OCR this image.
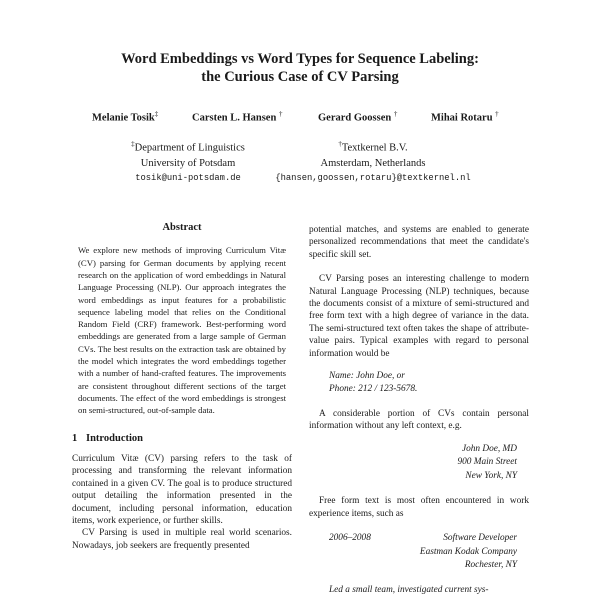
Word Embeddings vs Word Types for Sequence Labeling:
the Curious Case of CV Parsing
Melanie Tosik‡	Carsten L. Hansen †	Gerard Goossen †	Mihai Rotaru †
‡Department of Linguistics
University of Potsdam
tosik@uni-potsdam.de
†Textkernel B.V.
Amsterdam, Netherlands
{hansen,goossen,rotaru}@textkernel.nl
Abstract

We explore new methods of improving Curriculum Vitæ (CV) parsing for German documents by applying recent research on the application of word embeddings in Natural Language Processing (NLP). Our approach integrates the word embeddings as input features for a probabilistic sequence labeling model that relies on the Conditional Random Field (CRF) framework. Best-performing word embeddings are generated from a large sample of German CVs. The best results on the extraction task are obtained by the model which integrates the word embeddings together with a number of hand-crafted features. The improvements are consistent throughout different sections of the target documents. The effect of the word embeddings is strongest on semi-structured, out-of-sample data.

1 Introduction

Curriculum Vitæ (CV) parsing refers to the task of processing and transforming the relevant information contained in a given CV. The goal is to produce structured output detailing the information presented in the document, including personal information, education items, work experience, or further skills.

CV Parsing is used in multiple real world scenarios. Nowadays, job seekers are frequently presented

potential matches, and systems are enabled to generate personalized recommendations that meet the candidate's specific skill set.

CV Parsing poses an interesting challenge to modern Natural Language Processing (NLP) techniques, because the documents consist of a mixture of semi-structured and free form text with a high degree of variance in the data. The semi-structured text often takes the shape of attribute-value pairs. Typical examples with regard to personal information would be

Name: John Doe, or
Phone: 212 / 123-5678.

A considerable portion of CVs contain personal information without any left context, e.g.

John Doe, MD
900 Main Street
New York, NY

Free form text is most often encountered in work experience items, such as

2006–2008	Software Developer
Eastman Kodak Company
Rochester, NY
Led a small team, investigated current sys-
